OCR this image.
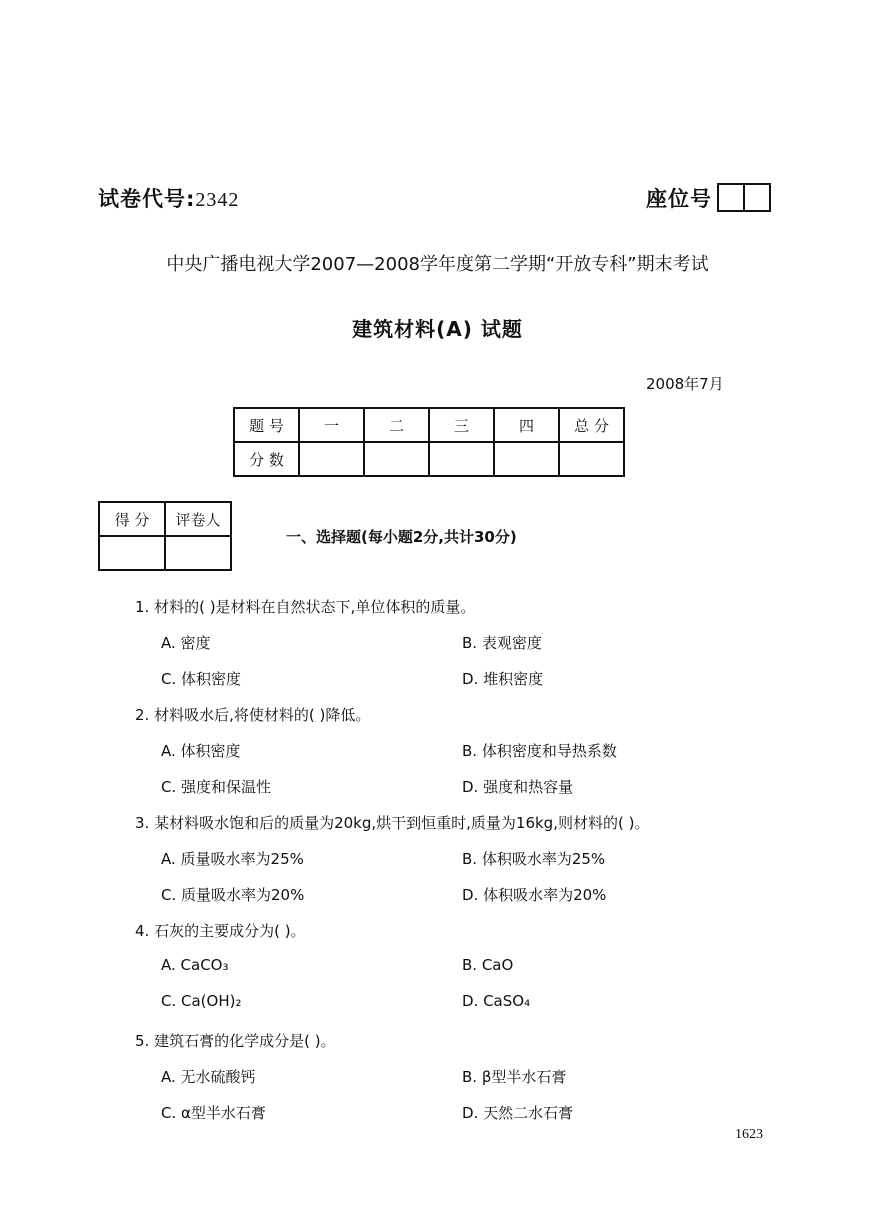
试卷代号:2342	座位号
中央广播电视大学2007—2008学年度第二学期“开放专科”期末考试
建筑材料(A) 试题
2008年7月
题 号	一	二	三	四	总 分
分 数					
得 分	评卷人

一、选择题(每小题2分,共计30分)
1. 材料的( )是材料在自然状态下,单位体积的质量。
A. 密度	B. 表观密度
C. 体积密度	D. 堆积密度
2. 材料吸水后,将使材料的( )降低。
A. 体积密度	B. 体积密度和导热系数
C. 强度和保温性	D. 强度和热容量
3. 某材料吸水饱和后的质量为20kg,烘干到恒重时,质量为16kg,则材料的( )。
A. 质量吸水率为25%	B. 体积吸水率为25%
C. 质量吸水率为20%	D. 体积吸水率为20%
4. 石灰的主要成分为( )。
A. CaCO₃	B. CaO
C. Ca(OH)₂	D. CaSO₄
5. 建筑石膏的化学成分是( )。
A. 无水硫酸钙	B. β型半水石膏
C. α型半水石膏	D. 天然二水石膏
1623
